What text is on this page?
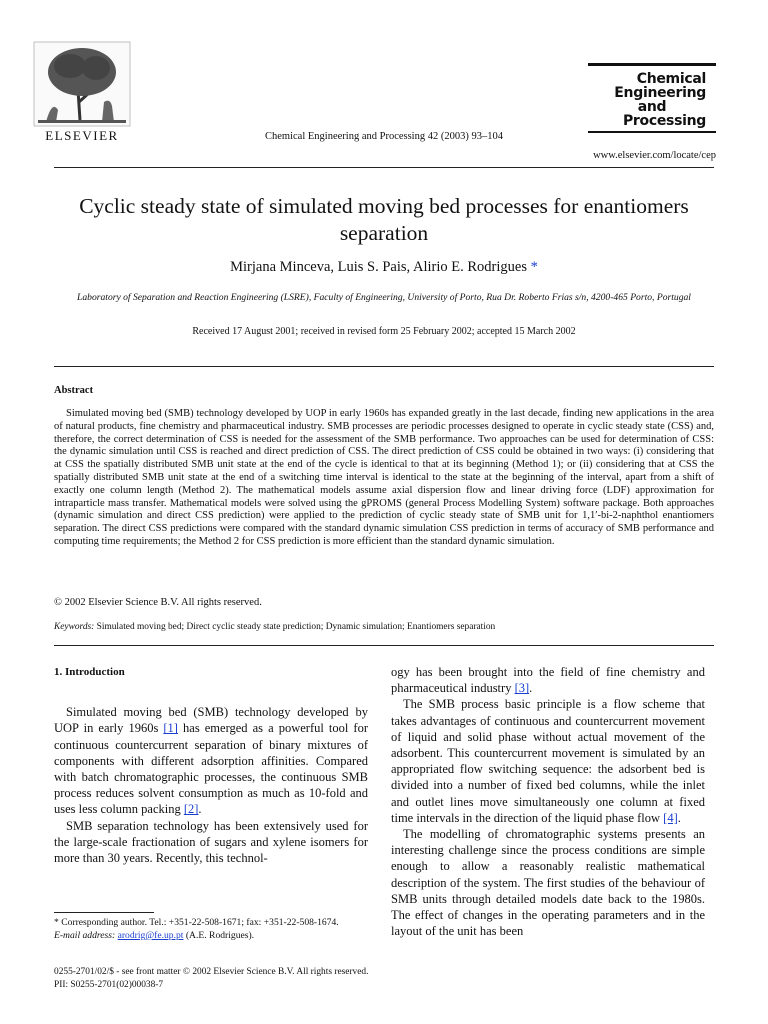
ELSEVIER	Chemical Engineering and Processing 42 (2003) 93–104
Chemical
Engineering
and
Processing
www.elsevier.com/locate/cep
Cyclic steady state of simulated moving bed processes for enantiomers separation
Mirjana Minceva, Luis S. Pais, Alirio E. Rodrigues *
Laboratory of Separation and Reaction Engineering (LSRE), Faculty of Engineering, University of Porto, Rua Dr. Roberto Frias s/n, 4200-465 Porto, Portugal
Received 17 August 2001; received in revised form 25 February 2002; accepted 15 March 2002
Abstract
Simulated moving bed (SMB) technology developed by UOP in early 1960s has expanded greatly in the last decade, finding new applications in the area of natural products, fine chemistry and pharmaceutical industry. SMB processes are periodic processes designed to operate in cyclic steady state (CSS) and, therefore, the correct determination of CSS is needed for the assessment of the SMB performance. Two approaches can be used for determination of CSS: the dynamic simulation until CSS is reached and direct prediction of CSS. The direct prediction of CSS could be obtained in two ways: (i) considering that at CSS the spatially distributed SMB unit state at the end of the cycle is identical to that at its beginning (Method 1); or (ii) considering that at CSS the spatially distributed SMB unit state at the end of a switching time interval is identical to the state at the beginning of the interval, apart from a shift of exactly one column length (Method 2). The mathematical models assume axial dispersion flow and linear driving force (LDF) approximation for intraparticle mass transfer. Mathematical models were solved using the gPROMS (general Process Modelling System) software package. Both approaches (dynamic simulation and direct CSS prediction) were applied to the prediction of cyclic steady state of SMB unit for 1,1′-bi-2-naphthol enantiomers separation. The direct CSS predictions were compared with the standard dynamic simulation CSS prediction in terms of accuracy of SMB performance and computing time requirements; the Method 2 for CSS prediction is more efficient than the standard dynamic simulation.
© 2002 Elsevier Science B.V. All rights reserved.
Keywords: Simulated moving bed; Direct cyclic steady state prediction; Dynamic simulation; Enantiomers separation
1. Introduction

Simulated moving bed (SMB) technology developed by UOP in early 1960s [1] has emerged as a powerful tool for continuous countercurrent separation of binary mixtures of components with different adsorption affinities. Compared with batch chromatographic processes, the continuous SMB process reduces solvent consumption as much as 10-fold and uses less column packing [2].

SMB separation technology has been extensively used for the large-scale fractionation of sugars and xylene isomers for more than 30 years. Recently, this technol-

ogy has been brought into the field of fine chemistry and pharmaceutical industry [3].

The SMB process basic principle is a flow scheme that takes advantages of continuous and countercurrent movement of liquid and solid phase without actual movement of the adsorbent. This countercurrent movement is simulated by an appropriated flow switching sequence: the adsorbent bed is divided into a number of fixed bed columns, while the inlet and outlet lines move simultaneously one column at fixed time intervals in the direction of the liquid phase flow [4].

The modelling of chromatographic systems presents an interesting challenge since the process conditions are simple enough to allow a reasonably realistic mathematical description of the system. The first studies of the behaviour of SMB units through detailed models date back to the 1980s. The effect of changes in the operating parameters and in the layout of the unit has been

* Corresponding author. Tel.: +351-22-508-1671; fax: +351-22-508-1674.
E-mail address: arodrig@fe.up.pt (A.E. Rodrigues).
0255-2701/02/$ - see front matter © 2002 Elsevier Science B.V. All rights reserved.
PII: S0255-2701(02)00038-7
